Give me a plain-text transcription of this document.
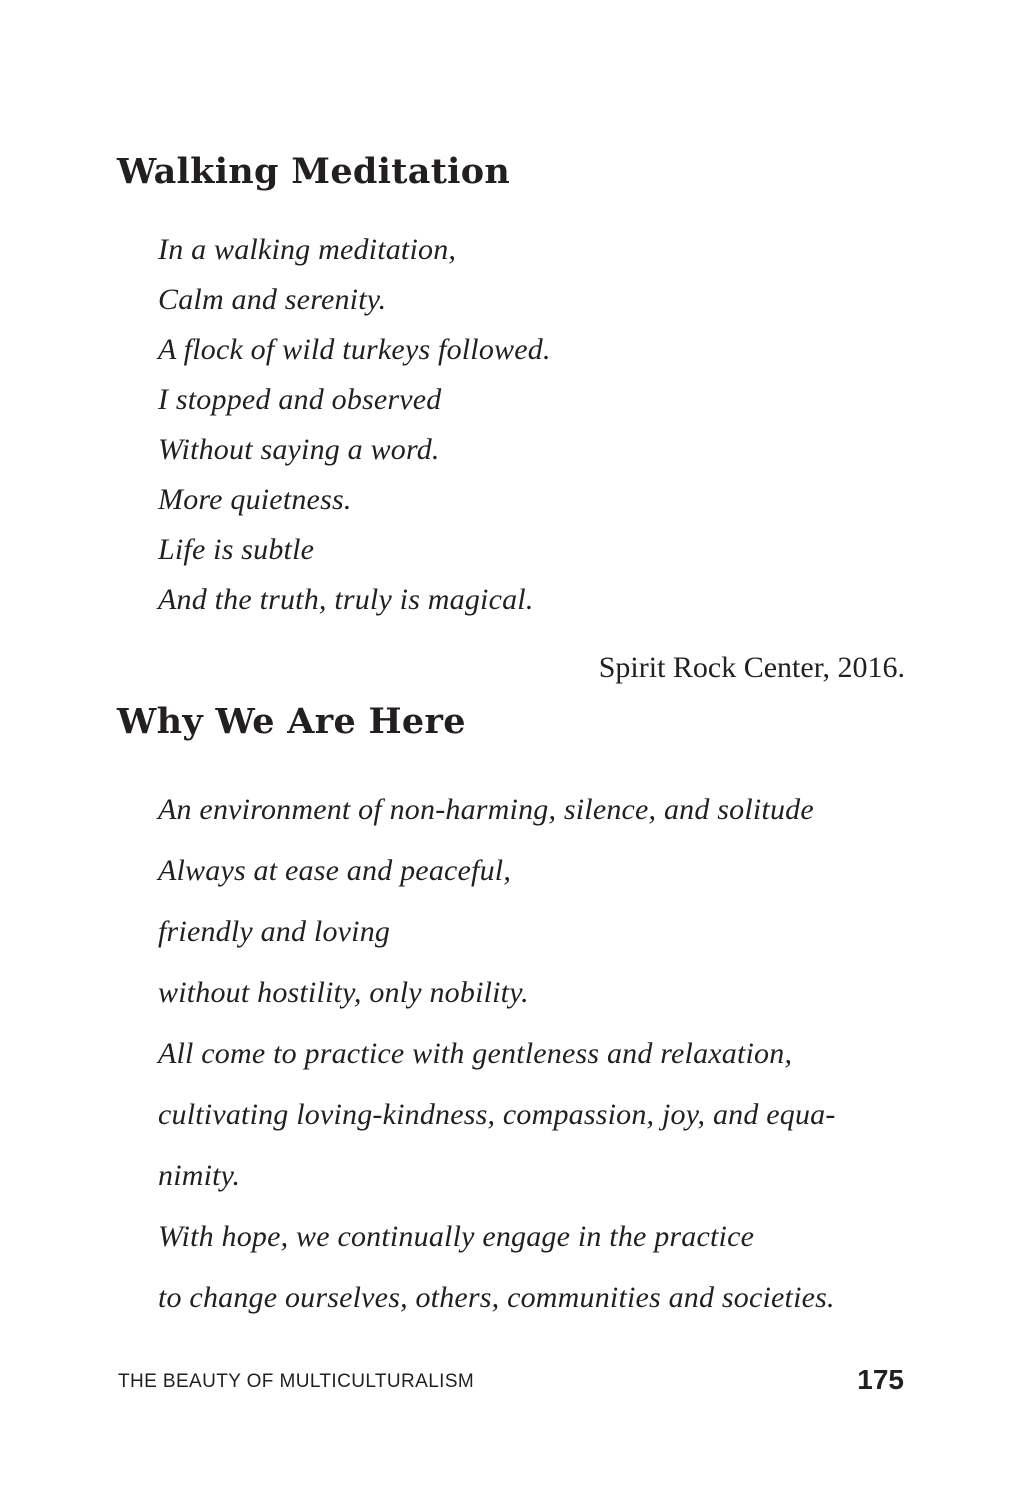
Walking Meditation
In a walking meditation,
Calm and serenity.
A flock of wild turkeys followed.
I stopped and observed
Without saying a word.
More quietness.
Life is subtle
And the truth, truly is magical.

Spirit Rock Center, 2016.

Why We Are Here
An environment of non-harming, silence, and solitude
Always at ease and peaceful,
friendly and loving
without hostility, only nobility.
All come to practice with gentleness and relaxation,
cultivating loving-kindness, compassion, joy, and equa-
nimity.
With hope, we continually engage in the practice
to change ourselves, others, communities and societies.
THE BEAUTY OF MULTICULTURALISM	175
